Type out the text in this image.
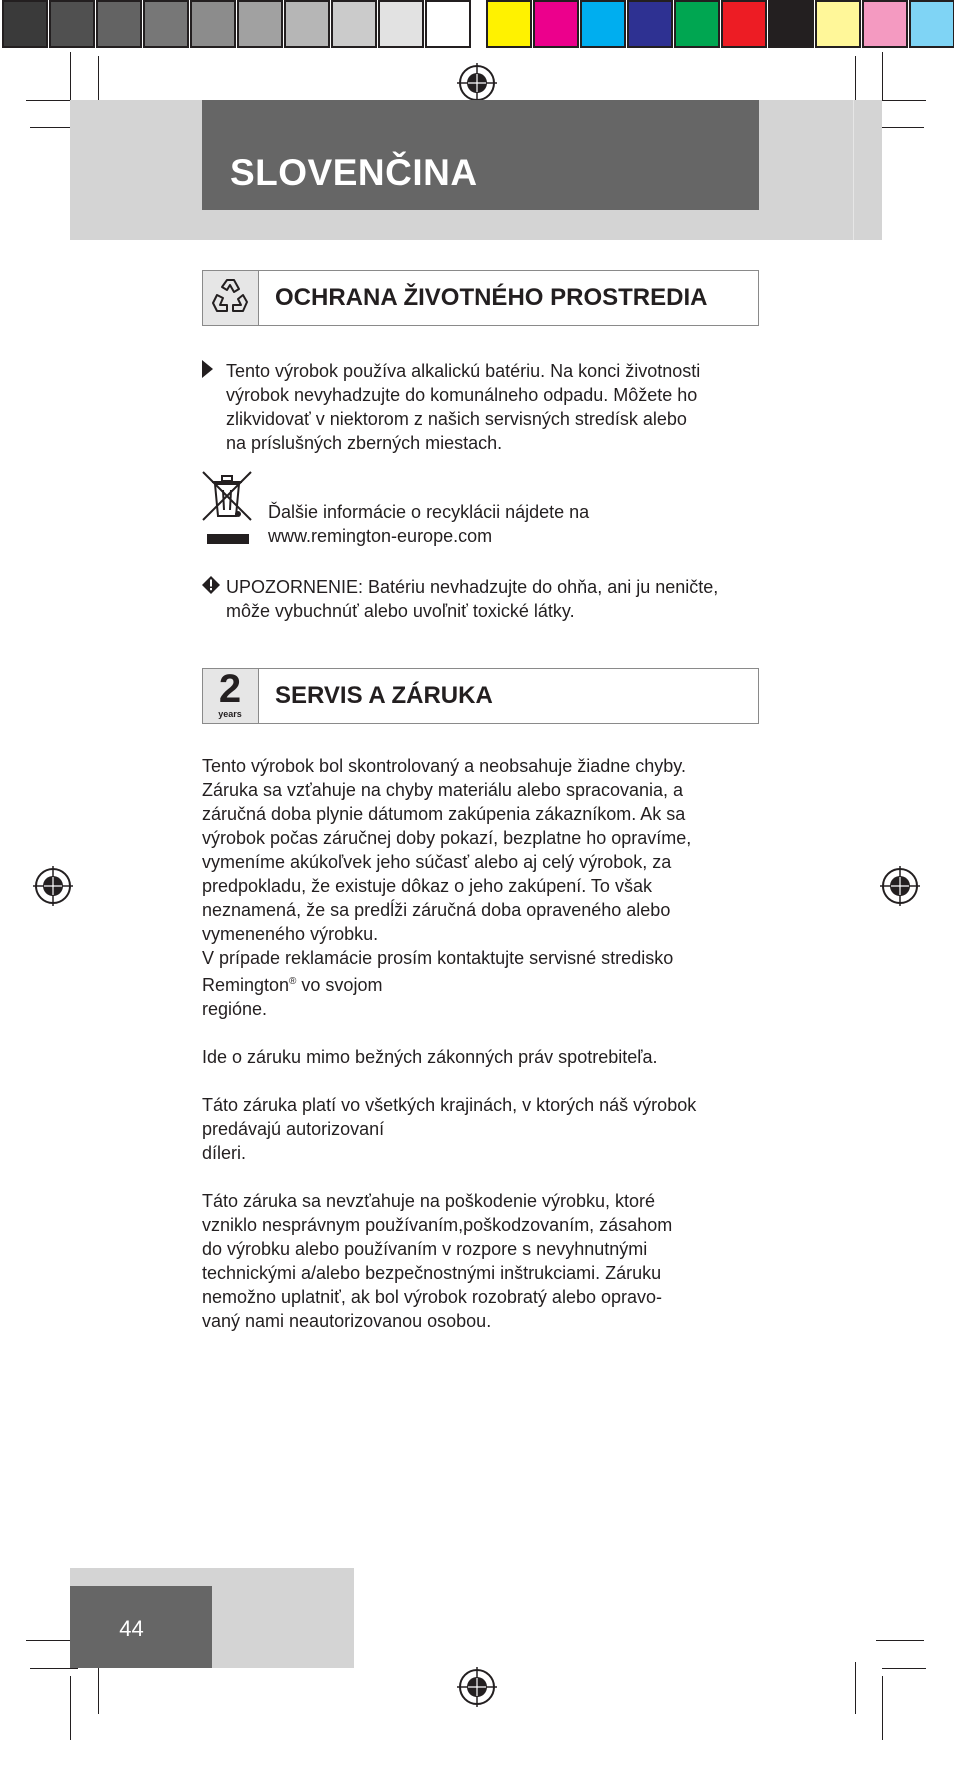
SLOVENČINA
OCHRANA ŽIVOTNÉHO PROSTREDIA
Tento výrobok používa alkalickú batériu. Na konci životnosti
výrobok nevyhadzujte do komunálneho odpadu. Môžete ho
zlikvidovať v niektorom z našich servisných stredísk alebo
na príslušných zberných miestach.
Ďalšie informácie o recyklácii nájdete na
www.remington-europe.com
UPOZORNENIE: Batériu nevhadzujte do ohňa, ani ju neničte,
môže vybuchnúť alebo uvoľniť toxické látky.
2
years
SERVIS A ZÁRUKA
Tento výrobok bol skontrolovaný a neobsahuje žiadne chyby.
Záruka sa vzťahuje na chyby materiálu alebo spracovania, a
záručná doba plynie dátumom zakúpenia zákazníkom. Ak sa
výrobok počas záručnej doby pokazí, bezplatne ho opravíme,
vymeníme akúkoľvek jeho súčasť alebo aj celý výrobok, za
predpokladu, že existuje dôkaz o jeho zakúpení. To však
neznamená, že sa predĺži záručná doba opraveného alebo
vymeneného výrobku.
V prípade reklamácie prosím kontaktujte servisné stredisko
Remington® vo svojom
regióne.
Ide o záruku mimo bežných zákonných práv spotrebiteľa.
Táto záruka platí vo všetkých krajinách, v ktorých náš výrobok
predávajú autorizovaní
díleri.
Táto záruka sa nevzťahuje na poškodenie výrobku, ktoré
vzniklo nesprávnym používaním,poškodzovaním, zásahom
do výrobku alebo používaním v rozpore s nevyhnutnými
technickými a/alebo bezpečnostnými inštrukciami. Záruku
nemožno uplatniť, ak bol výrobok rozobratý alebo opravo-
vaný nami neautorizovanou osobou.
44
